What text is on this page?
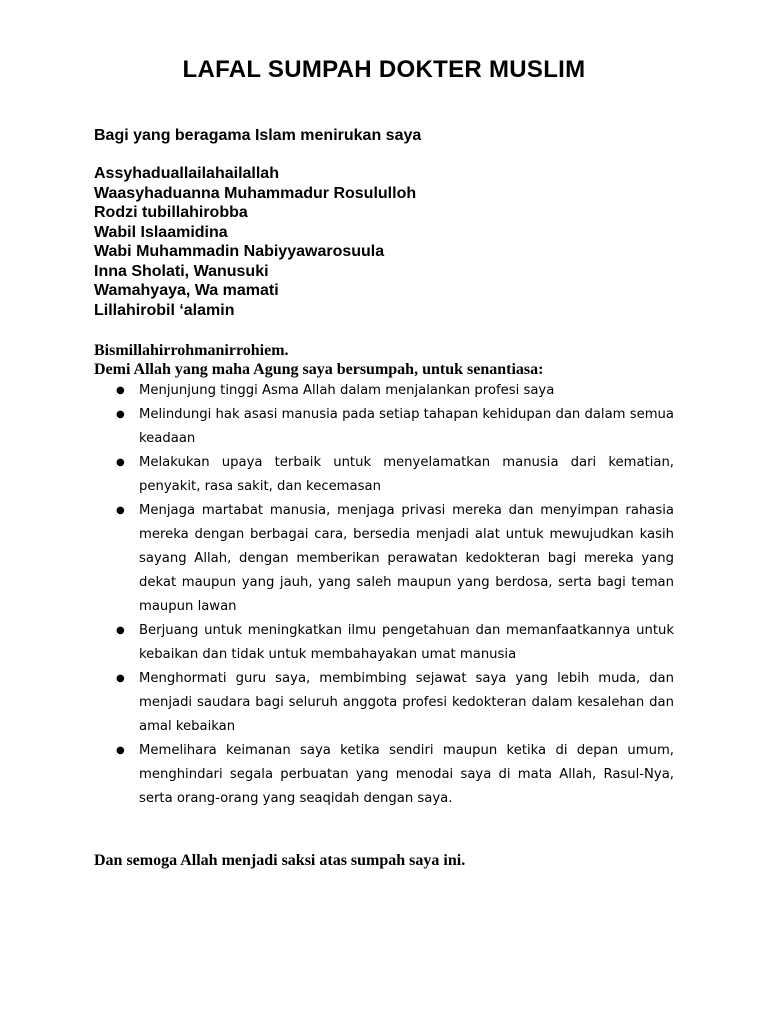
LAFAL SUMPAH DOKTER MUSLIM
Bagi yang beragama Islam menirukan saya
Assyhaduallailahailallah
Waasyhaduanna Muhammadur Rosululloh
Rodzi tubillahirobba
Wabil Islaamidina
Wabi Muhammadin Nabiyyawarosuula
Inna Sholati, Wanusuki
Wamahyaya, Wa mamati
Lillahirobil ‘alamin
Bismillahirrohmanirrohiem.
Demi Allah yang maha Agung saya bersumpah, untuk senantiasa:
● Menjunjung tinggi Asma Allah dalam menjalankan profesi saya
● Melindungi hak asasi manusia pada setiap tahapan kehidupan dan dalam semua keadaan
● Melakukan upaya terbaik untuk menyelamatkan manusia dari kematian, penyakit, rasa sakit, dan kecemasan
● Menjaga martabat manusia, menjaga privasi mereka dan menyimpan rahasia mereka dengan berbagai cara, bersedia menjadi alat untuk mewujudkan kasih sayang Allah, dengan memberikan perawatan kedokteran bagi mereka yang dekat maupun yang jauh, yang saleh maupun yang berdosa, serta bagi teman maupun lawan
● Berjuang untuk meningkatkan ilmu pengetahuan dan memanfaatkannya untuk kebaikan dan tidak untuk membahayakan umat manusia
● Menghormati guru saya, membimbing sejawat saya yang lebih muda, dan menjadi saudara bagi seluruh anggota profesi kedokteran dalam kesalehan dan amal kebaikan
● Memelihara keimanan saya ketika sendiri maupun ketika di depan umum, menghindari segala perbuatan yang menodai saya di mata Allah, Rasul-Nya, serta orang-orang yang seaqidah dengan saya.
Dan semoga Allah menjadi saksi atas sumpah saya ini.
